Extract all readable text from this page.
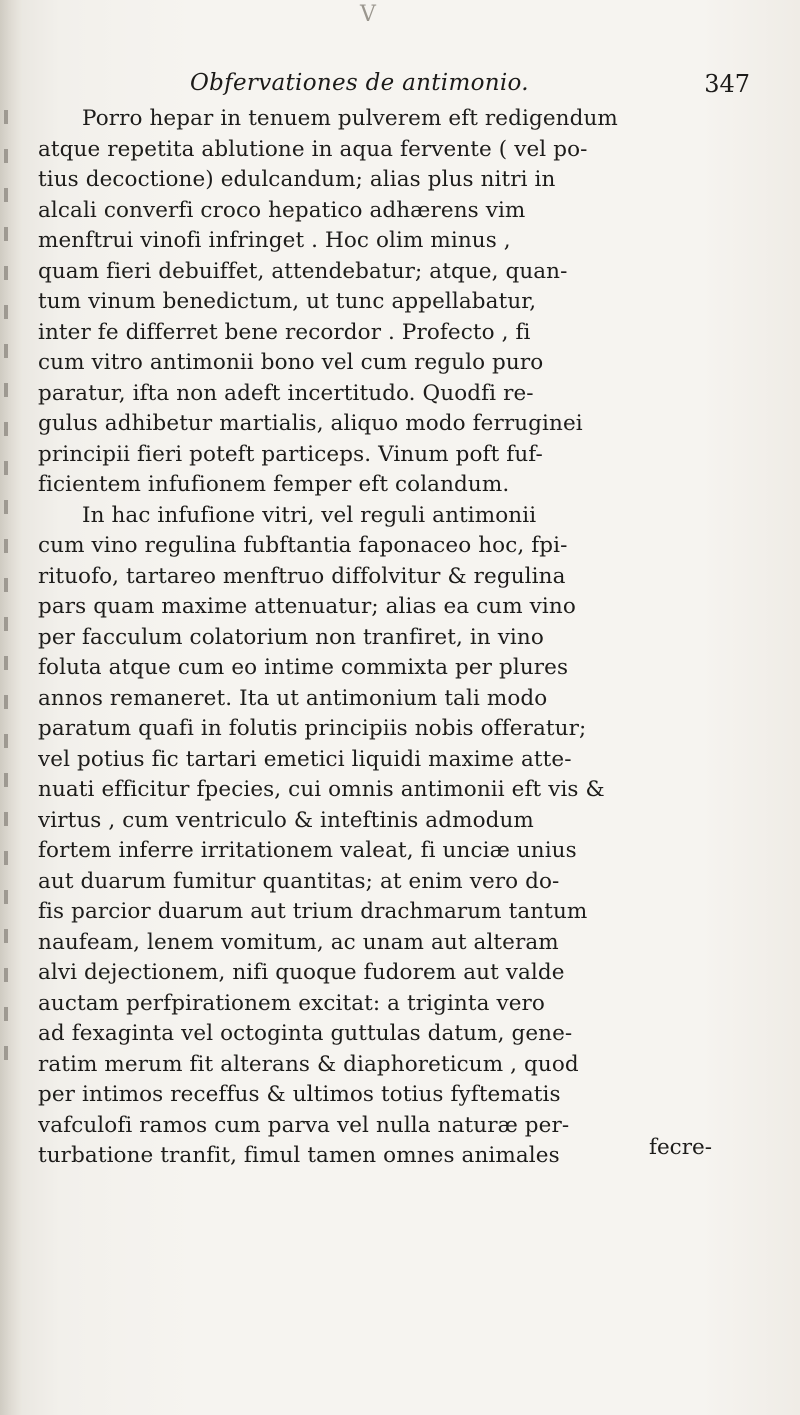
V
Obfervationes de antimonio.	347
Porro hepar in tenuem pulverem eft redigendum
atque repetita ablutione in aqua fervente ( vel po-
tius decoctione) edulcandum; alias plus nitri in
alcali converfi croco hepatico adhærens vim
menftrui vinofi infringet . Hoc olim minus ,
quam fieri debuiffet, attendebatur; atque, quan-
tum vinum benedictum, ut tunc appellabatur,
inter fe differret bene recordor . Profecto , fi
cum vitro antimonii bono vel cum regulo puro
paratur, ifta non adeft incertitudo. Quodfi re-
gulus adhibetur martialis, aliquo modo ferruginei
principii fieri poteft particeps. Vinum poft fuf-
ficientem infufionem femper eft colandum.
In hac infufione vitri, vel reguli antimonii
cum vino regulina fubftantia faponaceo hoc, fpi-
rituofo, tartareo menftruo diffolvitur & regulina
pars quam maxime attenuatur; alias ea cum vino
per facculum colatorium non tranfiret, in vino
foluta atque cum eo intime commixta per plures
annos remaneret. Ita ut antimonium tali modo
paratum quafi in folutis principiis nobis offeratur;
vel potius fic tartari emetici liquidi maxime atte-
nuati efficitur fpecies, cui omnis antimonii eft vis &
virtus , cum ventriculo & inteftinis admodum
fortem inferre irritationem valeat, fi unciæ unius
aut duarum fumitur quantitas; at enim vero do-
fis parcior duarum aut trium drachmarum tantum
naufeam, lenem vomitum, ac unam aut alteram
alvi dejectionem, nifi quoque fudorem aut valde
auctam perfpirationem excitat: a triginta vero
ad fexaginta vel octoginta guttulas datum, gene-
ratim merum fit alterans & diaphoreticum , quod
per intimos receffus & ultimos totius fyftematis
vafculofi ramos cum parva vel nulla naturæ per-
turbatione tranfit, fimul tamen omnes animales	fecre-
